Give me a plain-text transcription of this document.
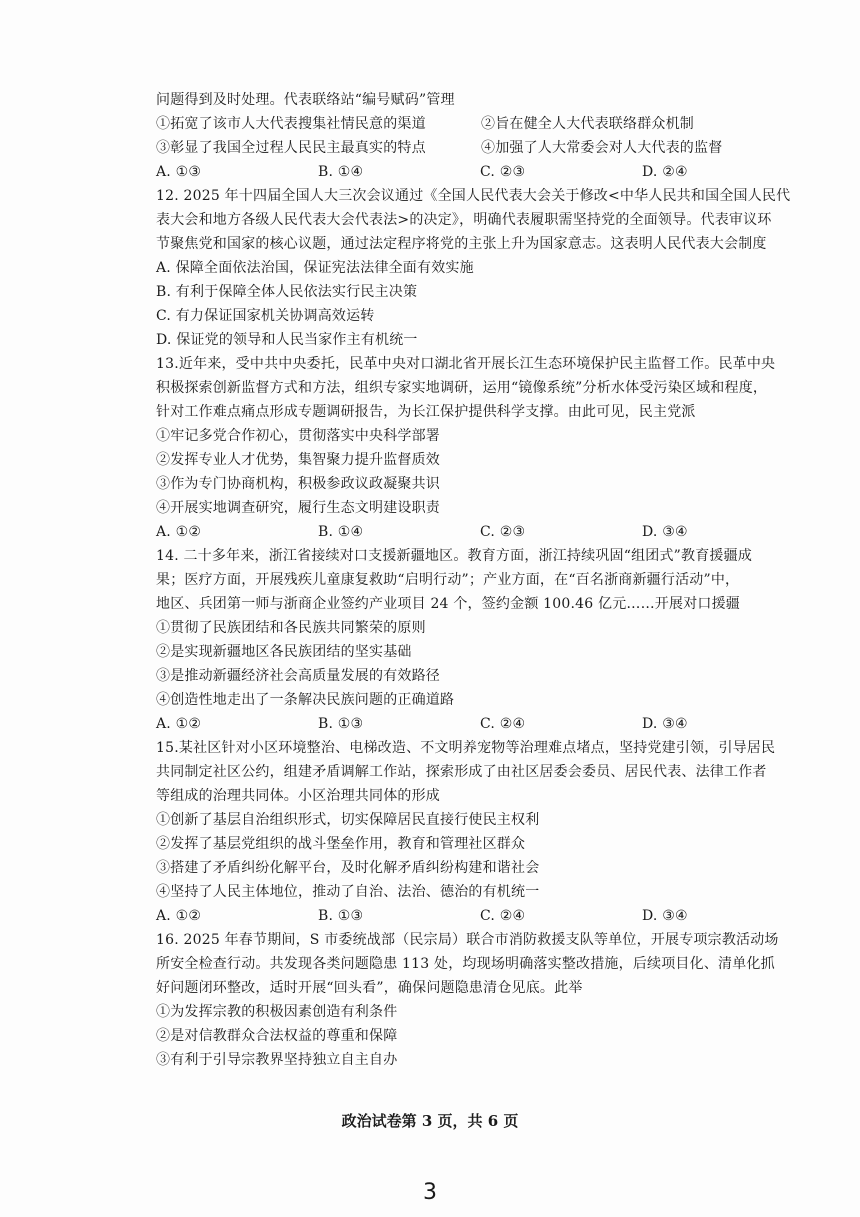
问题得到及时处理。代表联络站“编号赋码”管理
①拓宽了该市人大代表搜集社情民意的渠道	②旨在健全人大代表联络群众机制
③彰显了我国全过程人民民主最真实的特点	④加强了人大常委会对人大代表的监督
A. ①③	B. ①④	C. ②③	D. ②④
12. 2025 年十四届全国人大三次会议通过《全国人民代表大会关于修改<中华人民共和国全国人民代
表大会和地方各级人民代表大会代表法>的决定》，明确代表履职需坚持党的全面领导。代表审议环
节聚焦党和国家的核心议题，通过法定程序将党的主张上升为国家意志。这表明人民代表大会制度
A. 保障全面依法治国，保证宪法法律全面有效实施
B. 有利于保障全体人民依法实行民主决策
C. 有力保证国家机关协调高效运转
D. 保证党的领导和人民当家作主有机统一
13.近年来，受中共中央委托，民革中央对口湖北省开展长江生态环境保护民主监督工作。民革中央
积极探索创新监督方式和方法，组织专家实地调研，运用“镜像系统”分析水体受污染区域和程度，
针对工作难点痛点形成专题调研报告，为长江保护提供科学支撑。由此可见，民主党派
①牢记多党合作初心，贯彻落实中央科学部署
②发挥专业人才优势，集智聚力提升监督质效
③作为专门协商机构，积极参政议政凝聚共识
④开展实地调查研究，履行生态文明建设职责
A. ①②	B. ①④	C. ②③	D. ③④
14. 二十多年来，浙江省接续对口支援新疆地区。教育方面，浙江持续巩固“组团式”教育援疆成
果；医疗方面，开展残疾儿童康复救助“启明行动”；产业方面，在“百名浙商新疆行活动”中，
地区、兵团第一师与浙商企业签约产业项目 24 个，签约金额 100.46 亿元……开展对口援疆
①贯彻了民族团结和各民族共同繁荣的原则
②是实现新疆地区各民族团结的坚实基础
③是推动新疆经济社会高质量发展的有效路径
④创造性地走出了一条解决民族问题的正确道路
A. ①②	B. ①③	C. ②④	D. ③④
15.某社区针对小区环境整治、电梯改造、不文明养宠物等治理难点堵点，坚持党建引领，引导居民
共同制定社区公约，组建矛盾调解工作站，探索形成了由社区居委会委员、居民代表、法律工作者
等组成的治理共同体。小区治理共同体的形成
①创新了基层自治组织形式，切实保障居民直接行使民主权利
②发挥了基层党组织的战斗堡垒作用，教育和管理社区群众
③搭建了矛盾纠纷化解平台，及时化解矛盾纠纷构建和谐社会
④坚持了人民主体地位，推动了自治、法治、德治的有机统一
A. ①②	B. ①③	C. ②④	D. ③④
16. 2025 年春节期间，S 市委统战部（民宗局）联合市消防救援支队等单位，开展专项宗教活动场
所安全检查行动。共发现各类问题隐患 113 处，均现场明确落实整改措施，后续项目化、清单化抓
好问题闭环整改，适时开展“回头看”，确保问题隐患清仓见底。此举
①为发挥宗教的积极因素创造有利条件
②是对信教群众合法权益的尊重和保障
③有利于引导宗教界坚持独立自主自办
政治试卷第 3 页，共 6 页
3
